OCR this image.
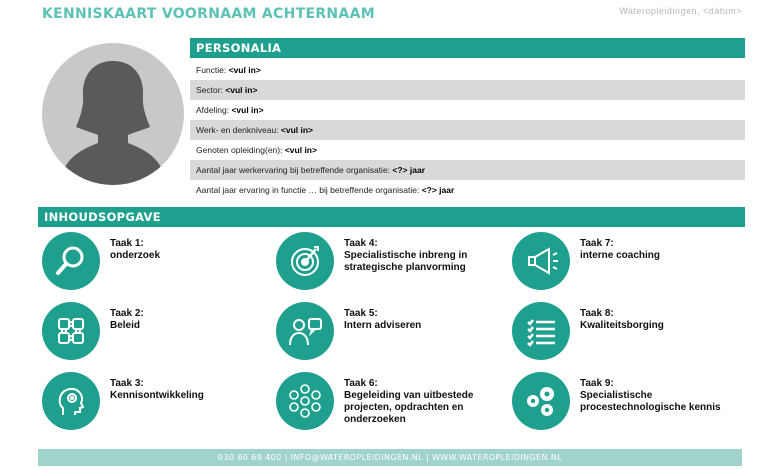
KENNISKAART VOORNAAM ACHTERNAAM	Wateropleidingen, <datum>
PERSONALIA
Functie: <vul in>
Sector: <vul in>
Afdeling: <vul in>
Werk- en denkniveau: <vul in>
Genoten opleiding(en): <vul in>
Aantal jaar werkervaring bij betreffende organisatie: <?> jaar
Aantal jaar ervaring in functie … bij betreffende organisatie: <?> jaar
INHOUDSOPGAVE
Taak 1:
onderzoek
Taak 2:
Beleid
Taak 3:
Kennisontwikkeling
Taak 4:
Specialistische inbreng in
strategische planvorming
Taak 5:
Intern adviseren
Taak 6:
Begeleiding van uitbestede
projecten, opdrachten en
onderzoeken
Taak 7:
interne coaching
Taak 8:
Kwaliteitsborging
Taak 9:
Specialistische
procestechnologische kennis
030 60 69 400 | INFO@WATEROPLEIDINGEN.NL | WWW.WATEROPLEIDINGEN.NL
